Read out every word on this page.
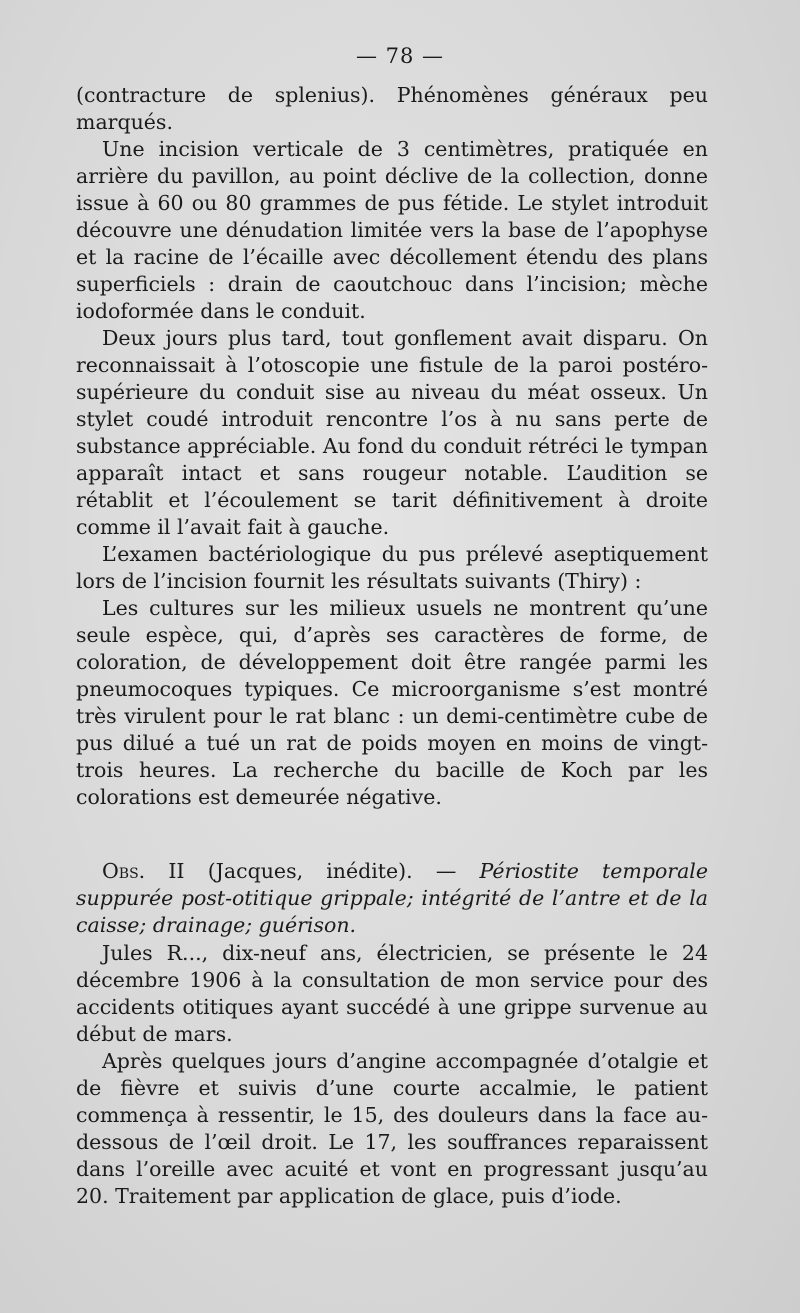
— 78 —

(contracture de splenius). Phénomènes généraux peu marqués.

Une incision verticale de 3 centimètres, pratiquée en arrière du pavillon, au point déclive de la collection, donne issue à 60 ou 80 grammes de pus fétide. Le stylet introduit découvre une dénudation limitée vers la base de l’apophyse et la racine de l’écaille avec décollement étendu des plans superficiels : drain de caoutchouc dans l’incision; mèche iodoformée dans le conduit.

Deux jours plus tard, tout gonflement avait disparu. On reconnaissait à l’otoscopie une fistule de la paroi postéro-supérieure du conduit sise au niveau du méat osseux. Un stylet coudé introduit rencontre l’os à nu sans perte de substance appréciable. Au fond du conduit rétréci le tympan apparaît intact et sans rougeur notable. L’audition se rétablit et l’écoulement se tarit définitivement à droite comme il l’avait fait à gauche.

L’examen bactériologique du pus prélevé aseptiquement lors de l’incision fournit les résultats suivants (Thiry) :

Les cultures sur les milieux usuels ne montrent qu’une seule espèce, qui, d’après ses caractères de forme, de coloration, de développement doit être rangée parmi les pneumocoques typiques. Ce microorganisme s’est montré très virulent pour le rat blanc : un demi-centimètre cube de pus dilué a tué un rat de poids moyen en moins de vingt-trois heures. La recherche du bacille de Koch par les colorations est demeurée négative.

Obs. II (Jacques, inédite). — Périostite temporale suppurée post-otitique grippale; intégrité de l’antre et de la caisse; drainage; guérison.

Jules R..., dix-neuf ans, électricien, se présente le 24 décembre 1906 à la consultation de mon service pour des accidents otitiques ayant succédé à une grippe survenue au début de mars.

Après quelques jours d’angine accompagnée d’otalgie et de fièvre et suivis d’une courte accalmie, le patient commença à ressentir, le 15, des douleurs dans la face au-dessous de l’œil droit. Le 17, les souffrances reparaissent dans l’oreille avec acuité et vont en progressant jusqu’au 20. Traitement par application de glace, puis d’iode.
